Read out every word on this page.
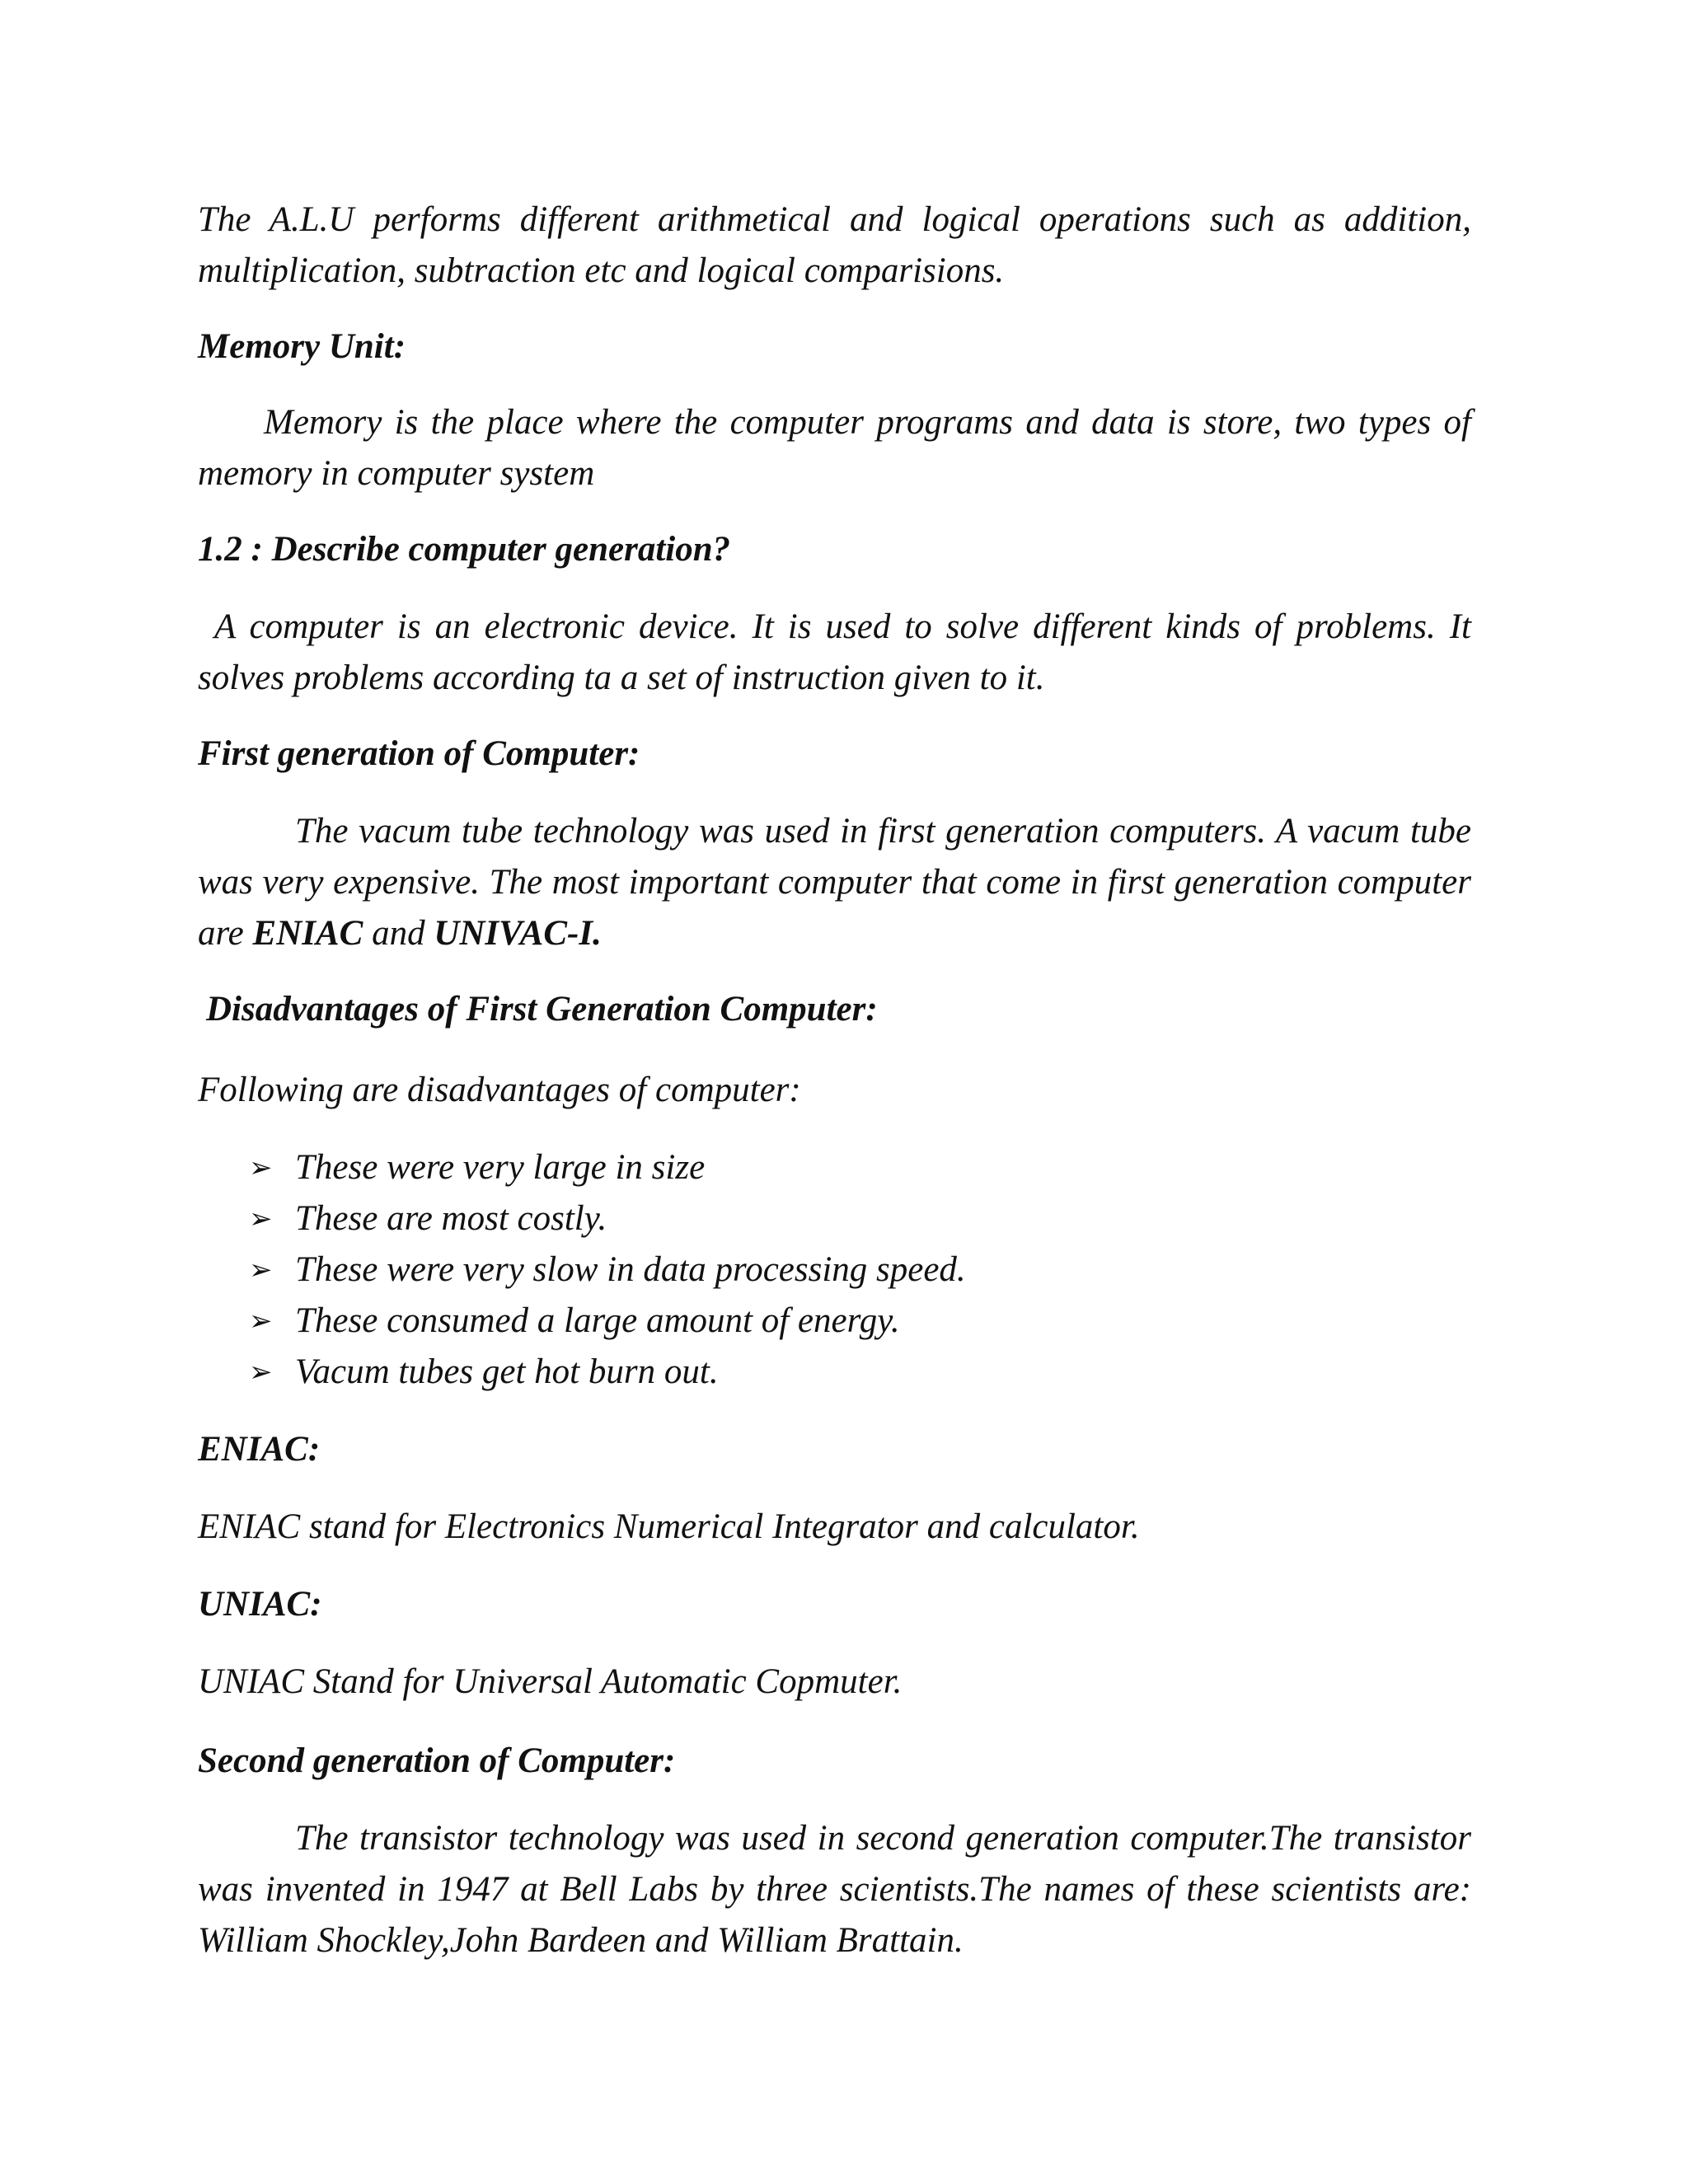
The A.L.U performs different arithmetical and logical operations such as addition, multiplication, subtraction etc and logical comparisions.

Memory Unit:

Memory is the place where the computer programs and data is store, two types of memory in computer system

1.2 : Describe computer generation?

A computer is an electronic device. It is used to solve different kinds of problems. It solves problems according ta a set of instruction given to it.

First generation of Computer:

The vacum tube technology was used in first generation computers. A vacum tube was very expensive. The most important computer that come in first generation computer are ENIAC and UNIVAC-I.

Disadvantages of First Generation Computer:

Following are disadvantages of computer:

➢ These were very large in size
➢ These are most costly.
➢ These were very slow in data processing speed.
➢ These consumed a large amount of energy.
➢ Vacum tubes get hot burn out.

ENIAC:

ENIAC stand for Electronics Numerical Integrator and calculator.

UNIAC:

UNIAC Stand for Universal Automatic Copmuter.

Second generation of Computer:

The transistor technology was used in second generation computer.The transistor was invented in 1947 at Bell Labs by three scientists.The names of these scientists are: William Shockley,John Bardeen and William Brattain.
